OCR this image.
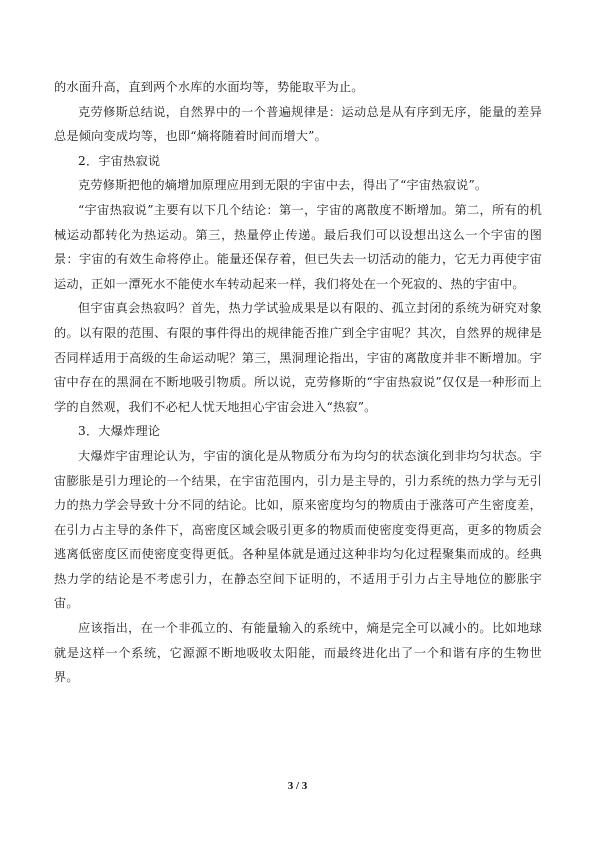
的水面升高，直到两个水库的水面均等，势能取平为止。

克劳修斯总结说，自然界中的一个普遍规律是：运动总是从有序到无序，能量的差异总是倾向变成均等，也即“熵将随着时间而增大”。

2．宇宙热寂说

克劳修斯把他的熵增加原理应用到无限的宇宙中去，得出了“宇宙热寂说”。

“宇宙热寂说”主要有以下几个结论：第一，宇宙的离散度不断增加。第二，所有的机械运动都转化为热运动。第三，热量停止传递。最后我们可以设想出这么一个宇宙的图景：宇宙的有效生命将停止。能量还保存着，但已失去一切活动的能力，它无力再使宇宙运动，正如一潭死水不能使水车转动起来一样，我们将处在一个死寂的、热的宇宙中。

但宇宙真会热寂吗？首先，热力学试验成果是以有限的、孤立封闭的系统为研究对象的。以有限的范围、有限的事件得出的规律能否推广到全宇宙呢？其次，自然界的规律是否同样适用于高级的生命运动呢？第三，黑洞理论指出，宇宙的离散度并非不断增加。宇宙中存在的黑洞在不断地吸引物质。所以说，克劳修斯的“宇宙热寂说”仅仅是一种形而上学的自然观，我们不必杞人忧天地担心宇宙会进入“热寂”。

3．大爆炸理论

大爆炸宇宙理论认为，宇宙的演化是从物质分布为均匀的状态演化到非均匀状态。宇宙膨胀是引力理论的一个结果，在宇宙范围内，引力是主导的，引力系统的热力学与无引力的热力学会导致十分不同的结论。比如，原来密度均匀的物质由于涨落可产生密度差，在引力占主导的条件下，高密度区域会吸引更多的物质而使密度变得更高，更多的物质会逃离低密度区而使密度变得更低。各种星体就是通过这种非均匀化过程聚集而成的。经典热力学的结论是不考虑引力，在静态空间下证明的，不适用于引力占主导地位的膨胀宇宙。

应该指出，在一个非孤立的、有能量输入的系统中，熵是完全可以减小的。比如地球就是这样一个系统，它源源不断地吸收太阳能，而最终进化出了一个和谐有序的生物世界。

3 / 3
